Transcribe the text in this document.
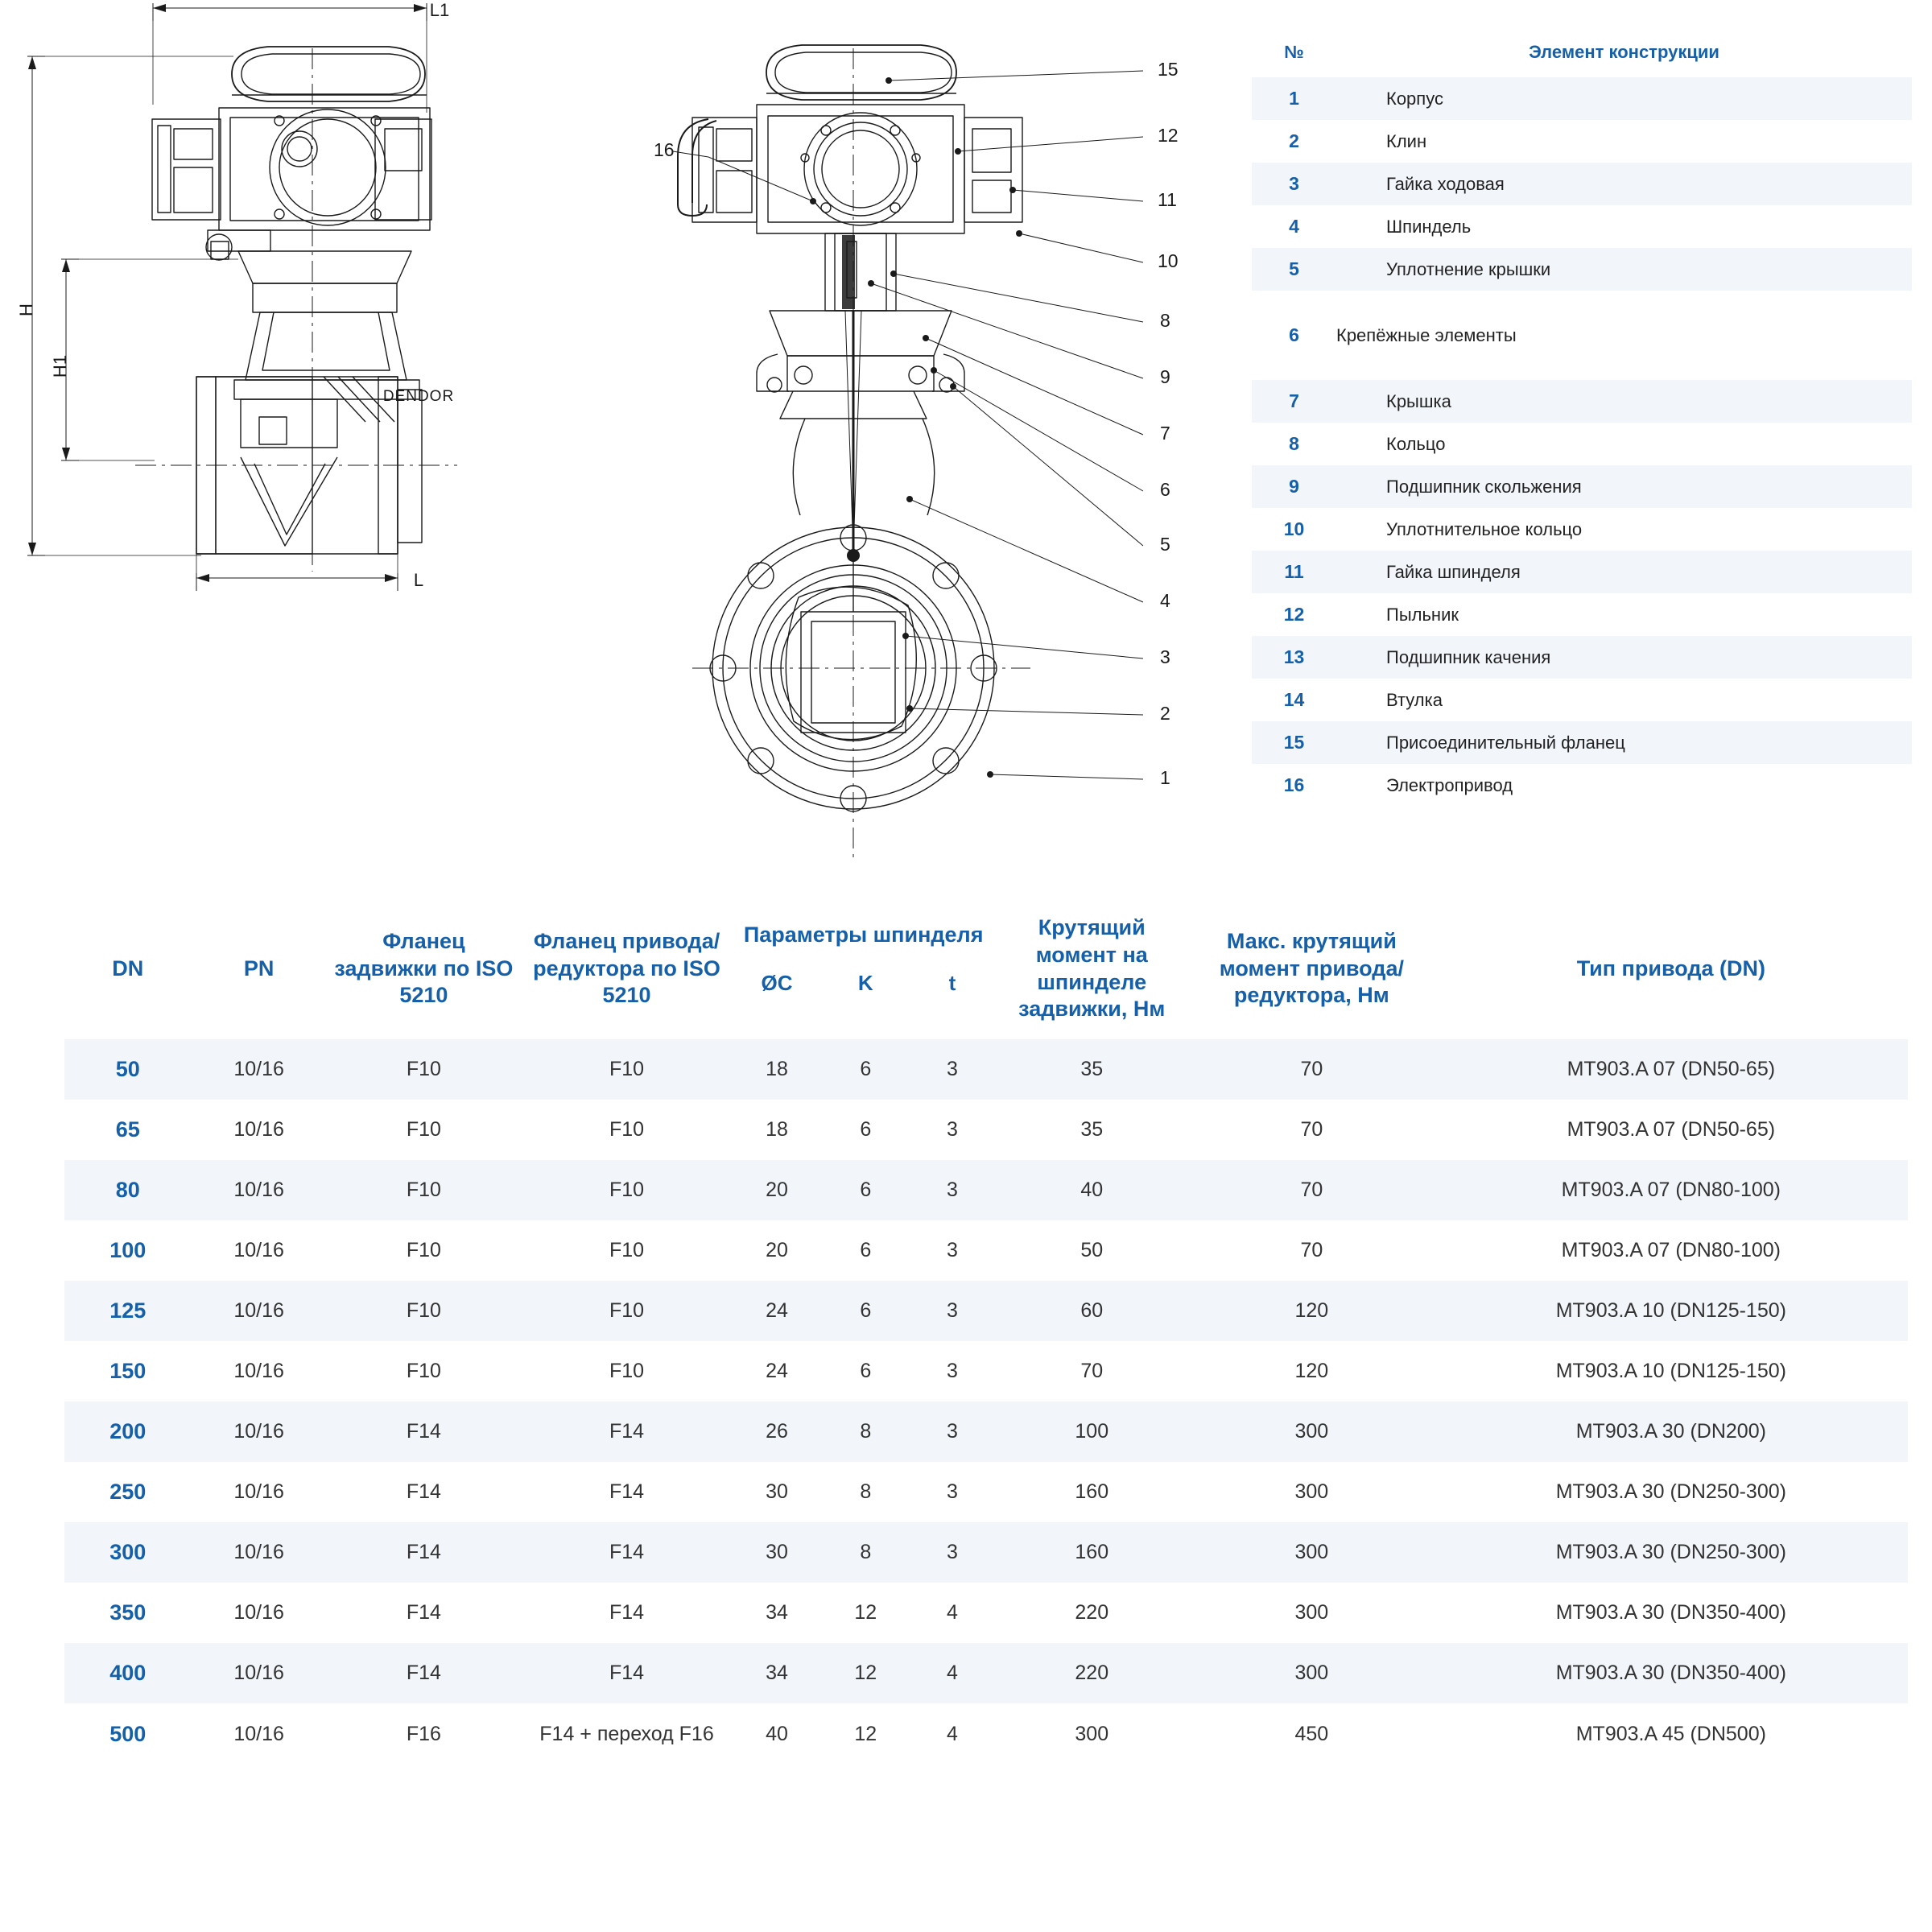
L1
L
H
H1
DENDOR
15
12
11
10
8
9
7
6
5
4
3
2
1
16
№	Элемент конструкции
1	Корпус
2	Клин
3	Гайка ходовая
4	Шпиндель
5	Уплотнение крышки
6	Крепёжные элементы
7	Крышка
8	Кольцо
9	Подшипник скольжения
10	Уплотнительное кольцо
11	Гайка шпинделя
12	Пыльник
13	Подшипник качения
14	Втулка
15	Присоединительный фланец
16	Электропривод
DN	PN	Фланец задвижки по ISO 5210	Фланец привода/ редуктора по ISO 5210	Параметры шпинделя			Крутящий момент на шпинделе задвижки, Нм	Макс. крутящий момент привода/ редуктора, Нм	Тип привода (DN)
				ØC	K	t			

50	10/16	F10	F10	18	6	3	35	70	MT903.A 07 (DN50-65)
65	10/16	F10	F10	18	6	3	35	70	MT903.A 07 (DN50-65)
80	10/16	F10	F10	20	6	3	40	70	MT903.A 07 (DN80-100)
100	10/16	F10	F10	20	6	3	50	70	MT903.A 07 (DN80-100)
125	10/16	F10	F10	24	6	3	60	120	MT903.A 10 (DN125-150)
150	10/16	F10	F10	24	6	3	70	120	MT903.A 10 (DN125-150)
200	10/16	F14	F14	26	8	3	100	300	MT903.A 30 (DN200)
250	10/16	F14	F14	30	8	3	160	300	MT903.A 30 (DN250-300)
300	10/16	F14	F14	30	8	3	160	300	MT903.A 30 (DN250-300)
350	10/16	F14	F14	34	12	4	220	300	MT903.A 30 (DN350-400)
400	10/16	F14	F14	34	12	4	220	300	MT903.A 30 (DN350-400)
500	10/16	F16	F14 + переход F16	40	12	4	300	450	MT903.A 45 (DN500)
